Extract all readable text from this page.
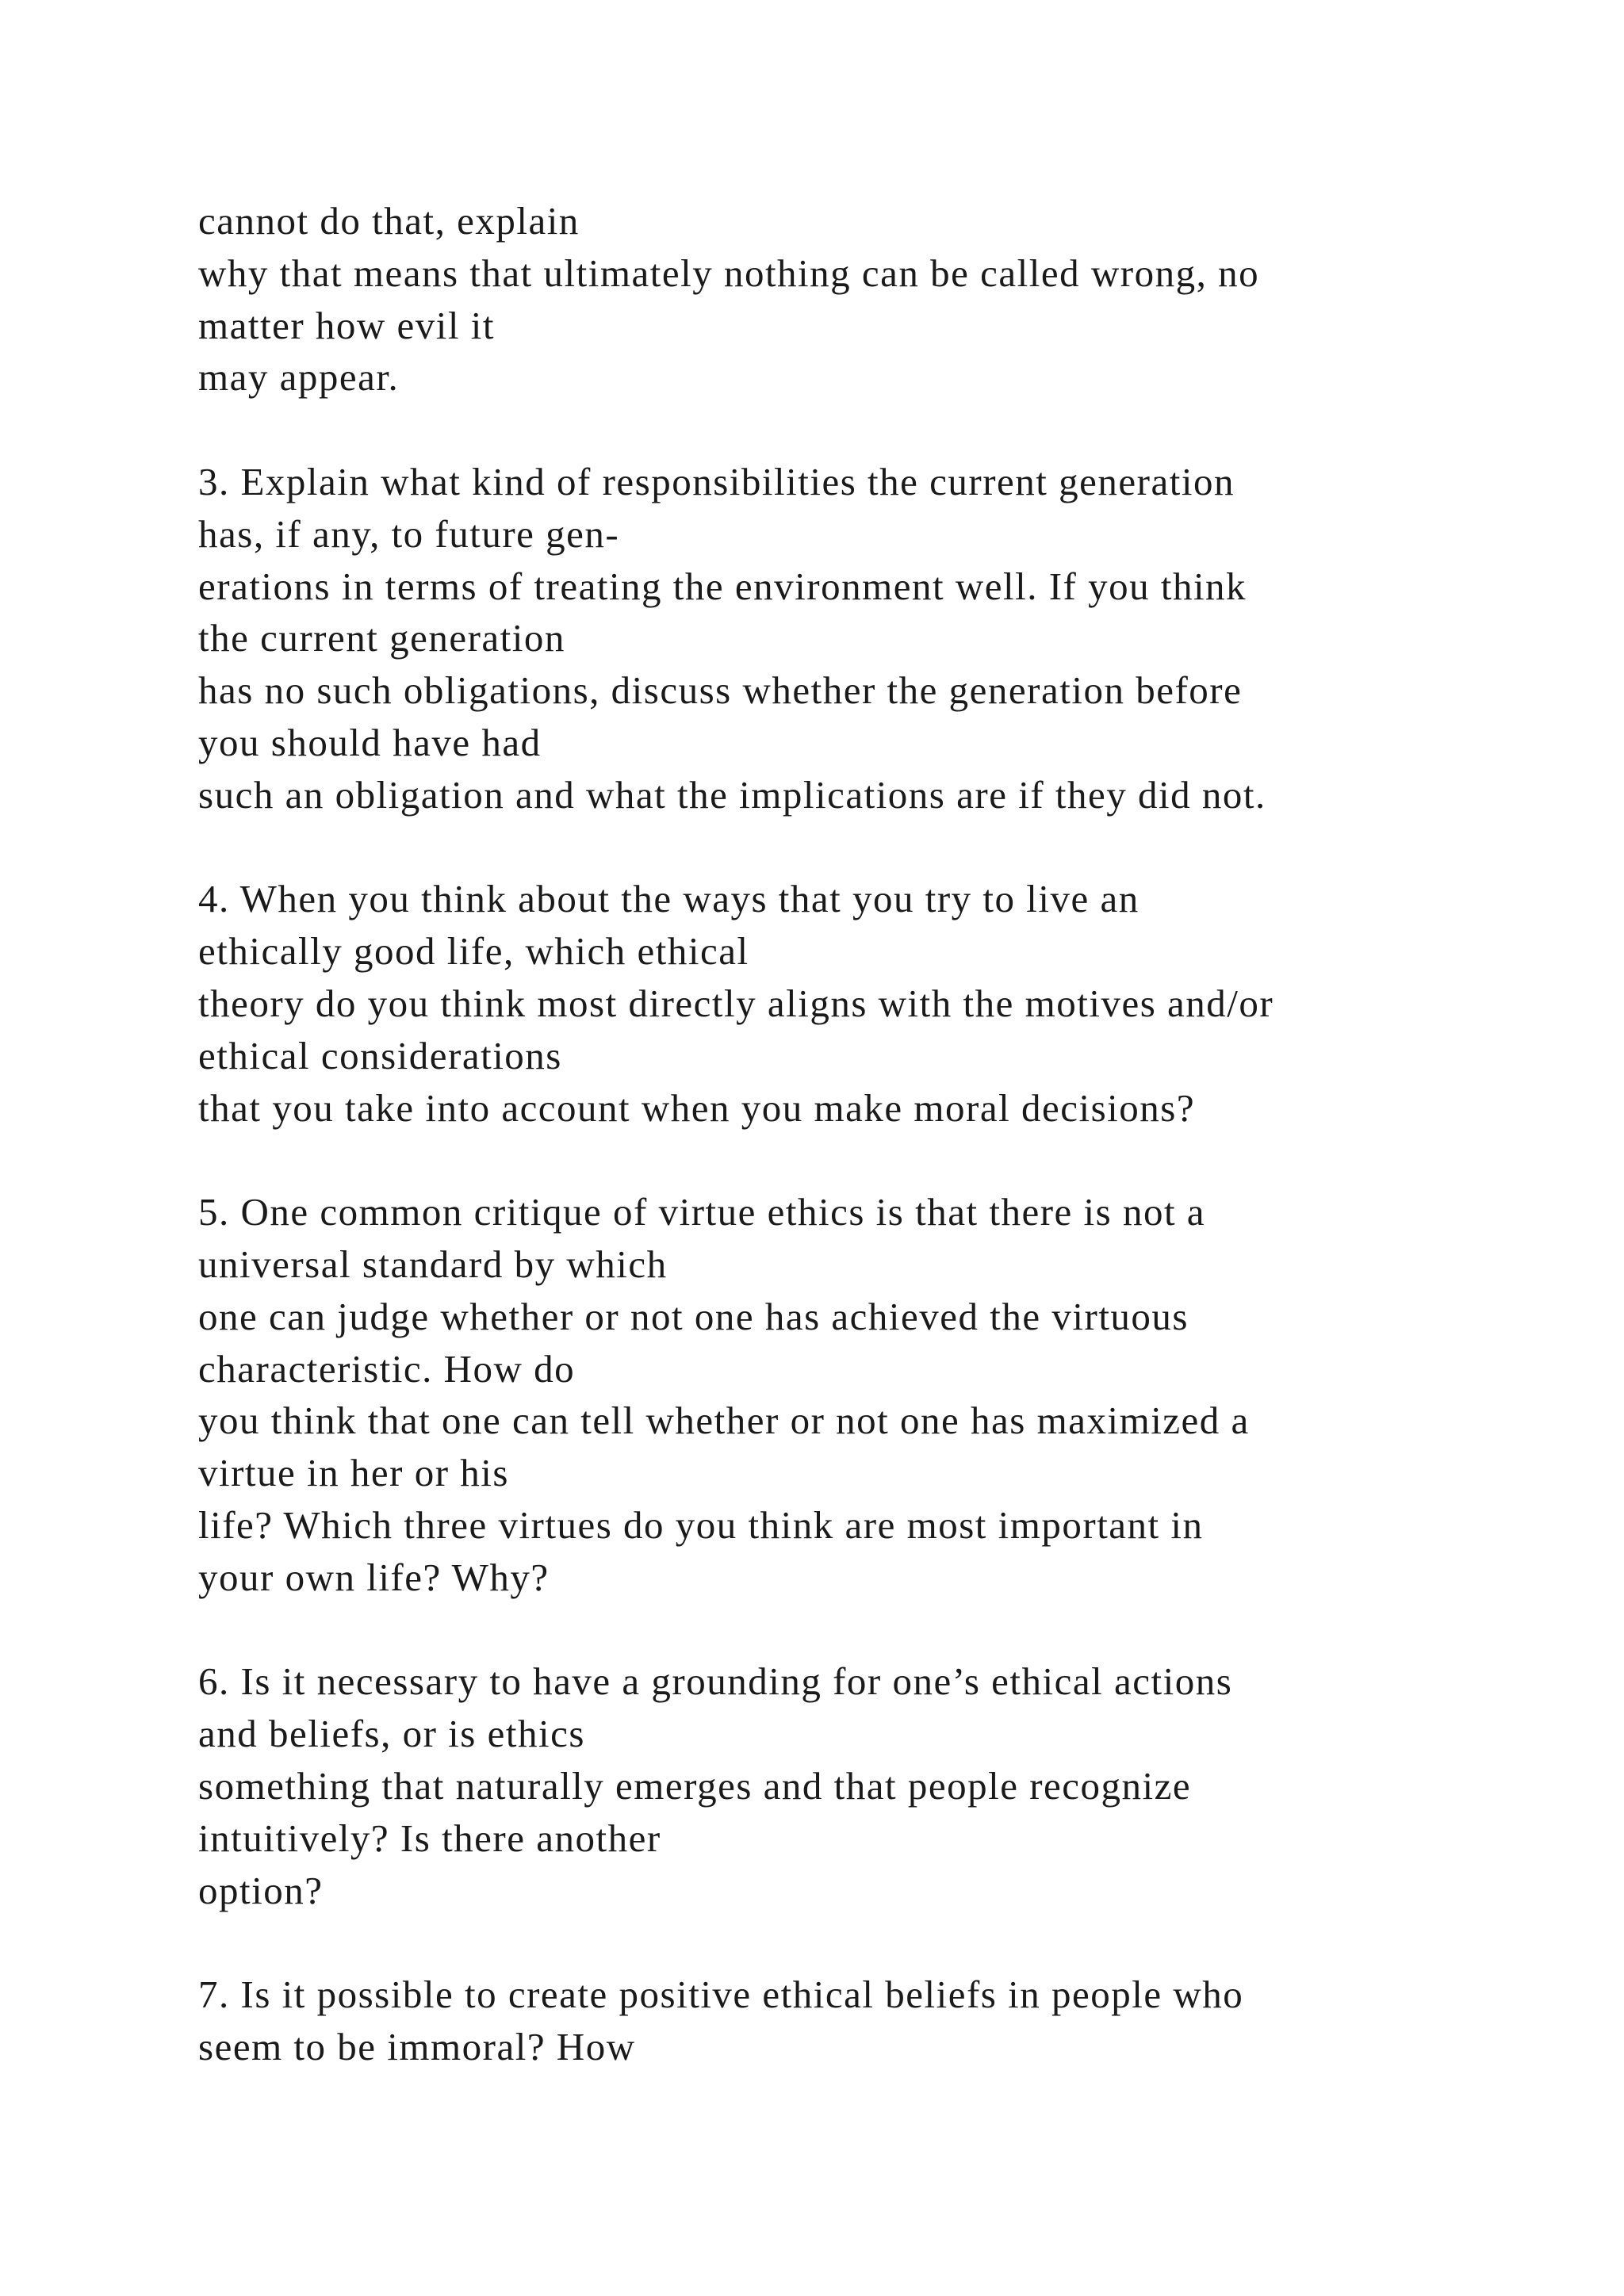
cannot do that, explain
why that means that ultimately nothing can be called wrong, no
matter how evil it
may appear.

3. Explain what kind of responsibilities the current generation
has, if any, to future gen-
erations in terms of treating the environment well. If you think
the current generation
has no such obligations, discuss whether the generation before
you should have had
such an obligation and what the implications are if they did not.

4. When you think about the ways that you try to live an
ethically good life, which ethical
theory do you think most directly aligns with the motives and/or
ethical considerations
that you take into account when you make moral decisions?

5. One common critique of virtue ethics is that there is not a
universal standard by which
one can judge whether or not one has achieved the virtuous
characteristic. How do
you think that one can tell whether or not one has maximized a
virtue in her or his
life? Which three virtues do you think are most important in
your own life? Why?

6. Is it necessary to have a grounding for one’s ethical actions
and beliefs, or is ethics
something that naturally emerges and that people recognize
intuitively? Is there another
option?

7. Is it possible to create positive ethical beliefs in people who
seem to be immoral? How
